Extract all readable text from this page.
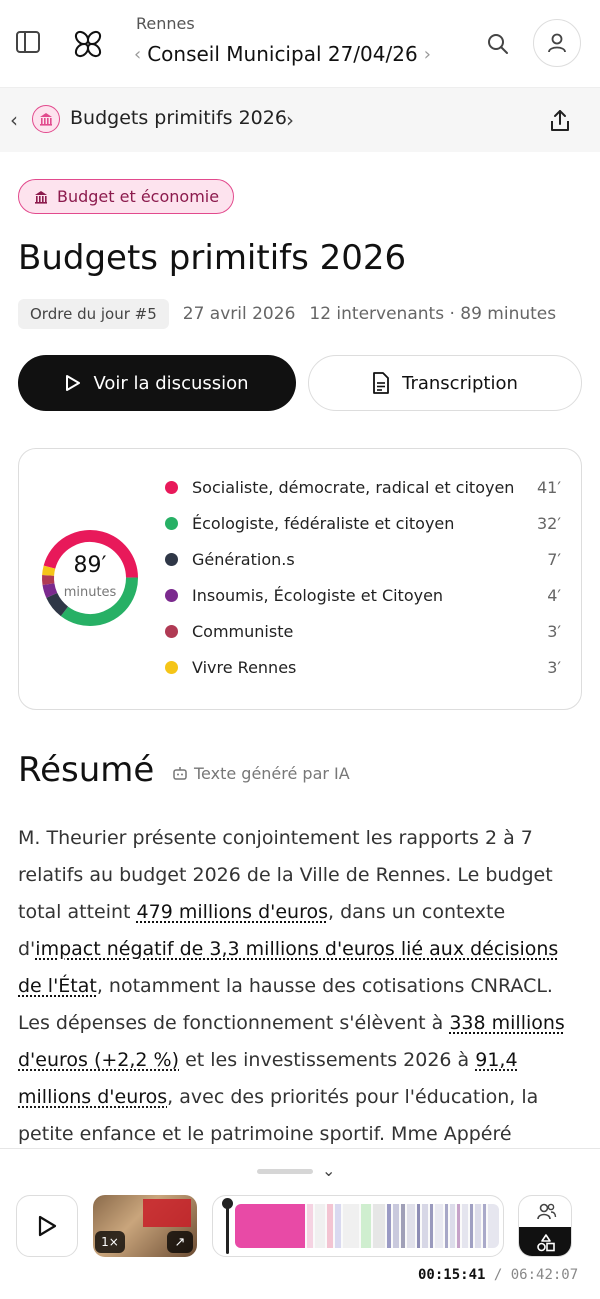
Rennes
‹ Conseil Municipal 27/04/26 ›
‹	Budgets primitifs 2026 ›
Budget et économie
Budgets primitifs 2026
Ordre du jour #5	27 avril 2026 12 intervenants · 89 minutes
Voir la discussion	Transcription
89′
minutes
Socialiste, démocrate, radical et citoyen	41′
Écologiste, fédéraliste et citoyen	32′
Génération.s	7′
Insoumis, Écologiste et Citoyen	4′
Communiste	3′
Vivre Rennes	3′
Résumé Texte généré par IA

M. Theurier présente conjointement les rapports 2 à 7 relatifs au budget 2026 de la Ville de Rennes. Le budget total atteint 479 millions d'euros, dans un contexte d'impact négatif de 3,3 millions d'euros lié aux décisions de l'État, notamment la hausse des cotisations CNRACL. Les dépenses de fonctionnement s'élèvent à 338 millions d'euros (+2,2 %) et les investissements 2026 à 91,4 millions d'euros, avec des priorités pour l'éducation, la petite enfance et le patrimoine sportif. Mme Appéré

⌄
1×	↗
00:15:41 / 06:42:07
